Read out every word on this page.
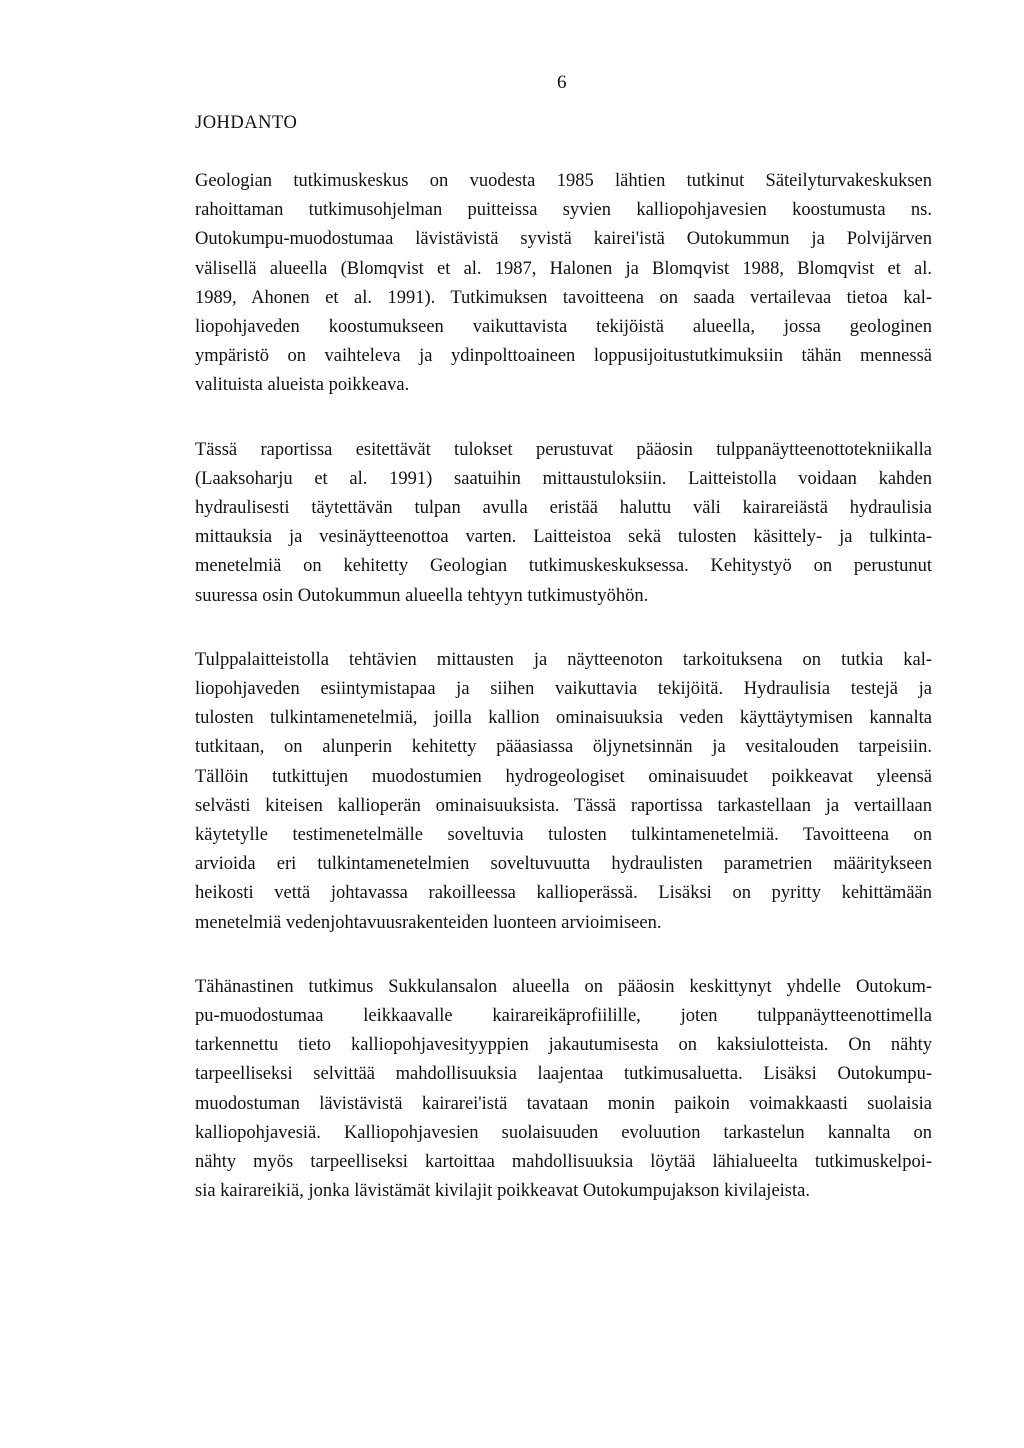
6
JOHDANTO

Geologian tutkimuskeskus on vuodesta 1985 lähtien tutkinut Säteilyturvakeskuksen
rahoittaman tutkimusohjelman puitteissa syvien kalliopohjavesien koostumusta ns.
Outokumpu-muodostumaa lävistävistä syvistä kairei'istä Outokummun ja Polvijärven
välisellä alueella (Blomqvist et al. 1987, Halonen ja Blomqvist 1988, Blomqvist et al.
1989, Ahonen et al. 1991). Tutkimuksen tavoitteena on saada vertailevaa tietoa kal-
liopohjaveden koostumukseen vaikuttavista tekijöistä alueella, jossa geologinen
ympäristö on vaihteleva ja ydinpolttoaineen loppusijoitustutkimuksiin tähän mennessä
valituista alueista poikkeava.

Tässä raportissa esitettävät tulokset perustuvat pääosin tulppanäytteenottotekniikalla
(Laaksoharju et al. 1991) saatuihin mittaustuloksiin. Laitteistolla voidaan kahden
hydraulisesti täytettävän tulpan avulla eristää haluttu väli kairareiästä hydraulisia
mittauksia ja vesinäytteenottoa varten. Laitteistoa sekä tulosten käsittely- ja tulkinta-
menetelmiä on kehitetty Geologian tutkimuskeskuksessa. Kehitystyö on perustunut
suuressa osin Outokummun alueella tehtyyn tutkimustyöhön.

Tulppalaitteistolla tehtävien mittausten ja näytteenoton tarkoituksena on tutkia kal-
liopohjaveden esiintymistapaa ja siihen vaikuttavia tekijöitä. Hydraulisia testejä ja
tulosten tulkintamenetelmiä, joilla kallion ominaisuuksia veden käyttäytymisen kannalta
tutkitaan, on alunperin kehitetty pääasiassa öljynetsinnän ja vesitalouden tarpeisiin.
Tällöin tutkittujen muodostumien hydrogeologiset ominaisuudet poikkeavat yleensä
selvästi kiteisen kallioperän ominaisuuksista. Tässä raportissa tarkastellaan ja vertaillaan
käytetylle testimenetelmälle soveltuvia tulosten tulkintamenetelmiä. Tavoitteena on
arvioida eri tulkintamenetelmien soveltuvuutta hydraulisten parametrien määritykseen
heikosti vettä johtavassa rakoilleessa kallioperässä. Lisäksi on pyritty kehittämään
menetelmiä vedenjohtavuusrakenteiden luonteen arvioimiseen.

Tähänastinen tutkimus Sukkulansalon alueella on pääosin keskittynyt yhdelle Outokum-
pu-muodostumaa leikkaavalle kairareikäprofiilille, joten tulppanäytteenottimella
tarkennettu tieto kalliopohjavesityyppien jakautumisesta on kaksiulotteista. On nähty
tarpeelliseksi selvittää mahdollisuuksia laajentaa tutkimusaluetta. Lisäksi Outokumpu-
muodostuman lävistävistä kairarei'istä tavataan monin paikoin voimakkaasti suolaisia
kalliopohjavesiä. Kalliopohjavesien suolaisuuden evoluution tarkastelun kannalta on
nähty myös tarpeelliseksi kartoittaa mahdollisuuksia löytää lähialueelta tutkimuskelpoi-
sia kairareikiä, jonka lävistämät kivilajit poikkeavat Outokumpujakson kivilajeista.
